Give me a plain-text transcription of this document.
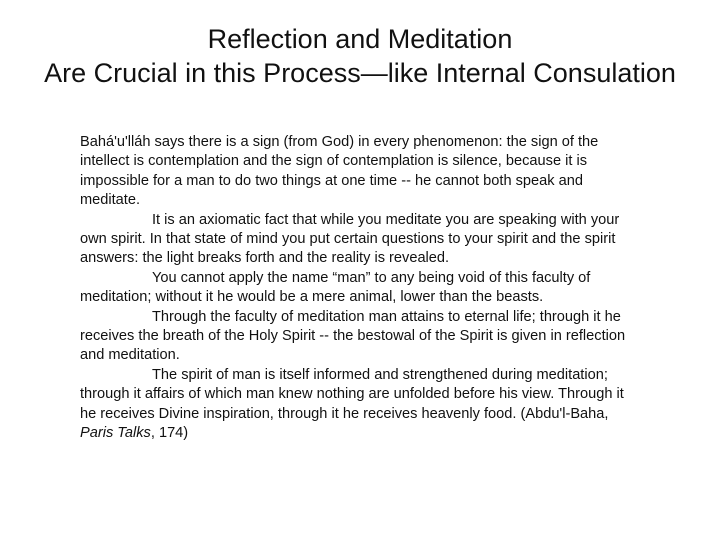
Reflection and Meditation
Are Crucial in this Process—like Internal Consulation

Bahá'u'lláh says there is a sign (from God) in every phenomenon: the sign of the intellect is contemplation and the sign of contemplation is silence, because it is impossible for a man to do two things at one time -- he cannot both speak and meditate.

It is an axiomatic fact that while you meditate you are speaking with your own spirit. In that state of mind you put certain questions to your spirit and the spirit answers: the light breaks forth and the reality is revealed.

You cannot apply the name “man” to any being void of this faculty of meditation; without it he would be a mere animal, lower than the beasts.

Through the faculty of meditation man attains to eternal life; through it he receives the breath of the Holy Spirit -- the bestowal of the Spirit is given in reflection and meditation.

The spirit of man is itself informed and strengthened during meditation; through it affairs of which man knew nothing are unfolded before his view. Through it he receives Divine inspiration, through it he receives heavenly food. (Abdu'l-Baha, Paris Talks, 174)
